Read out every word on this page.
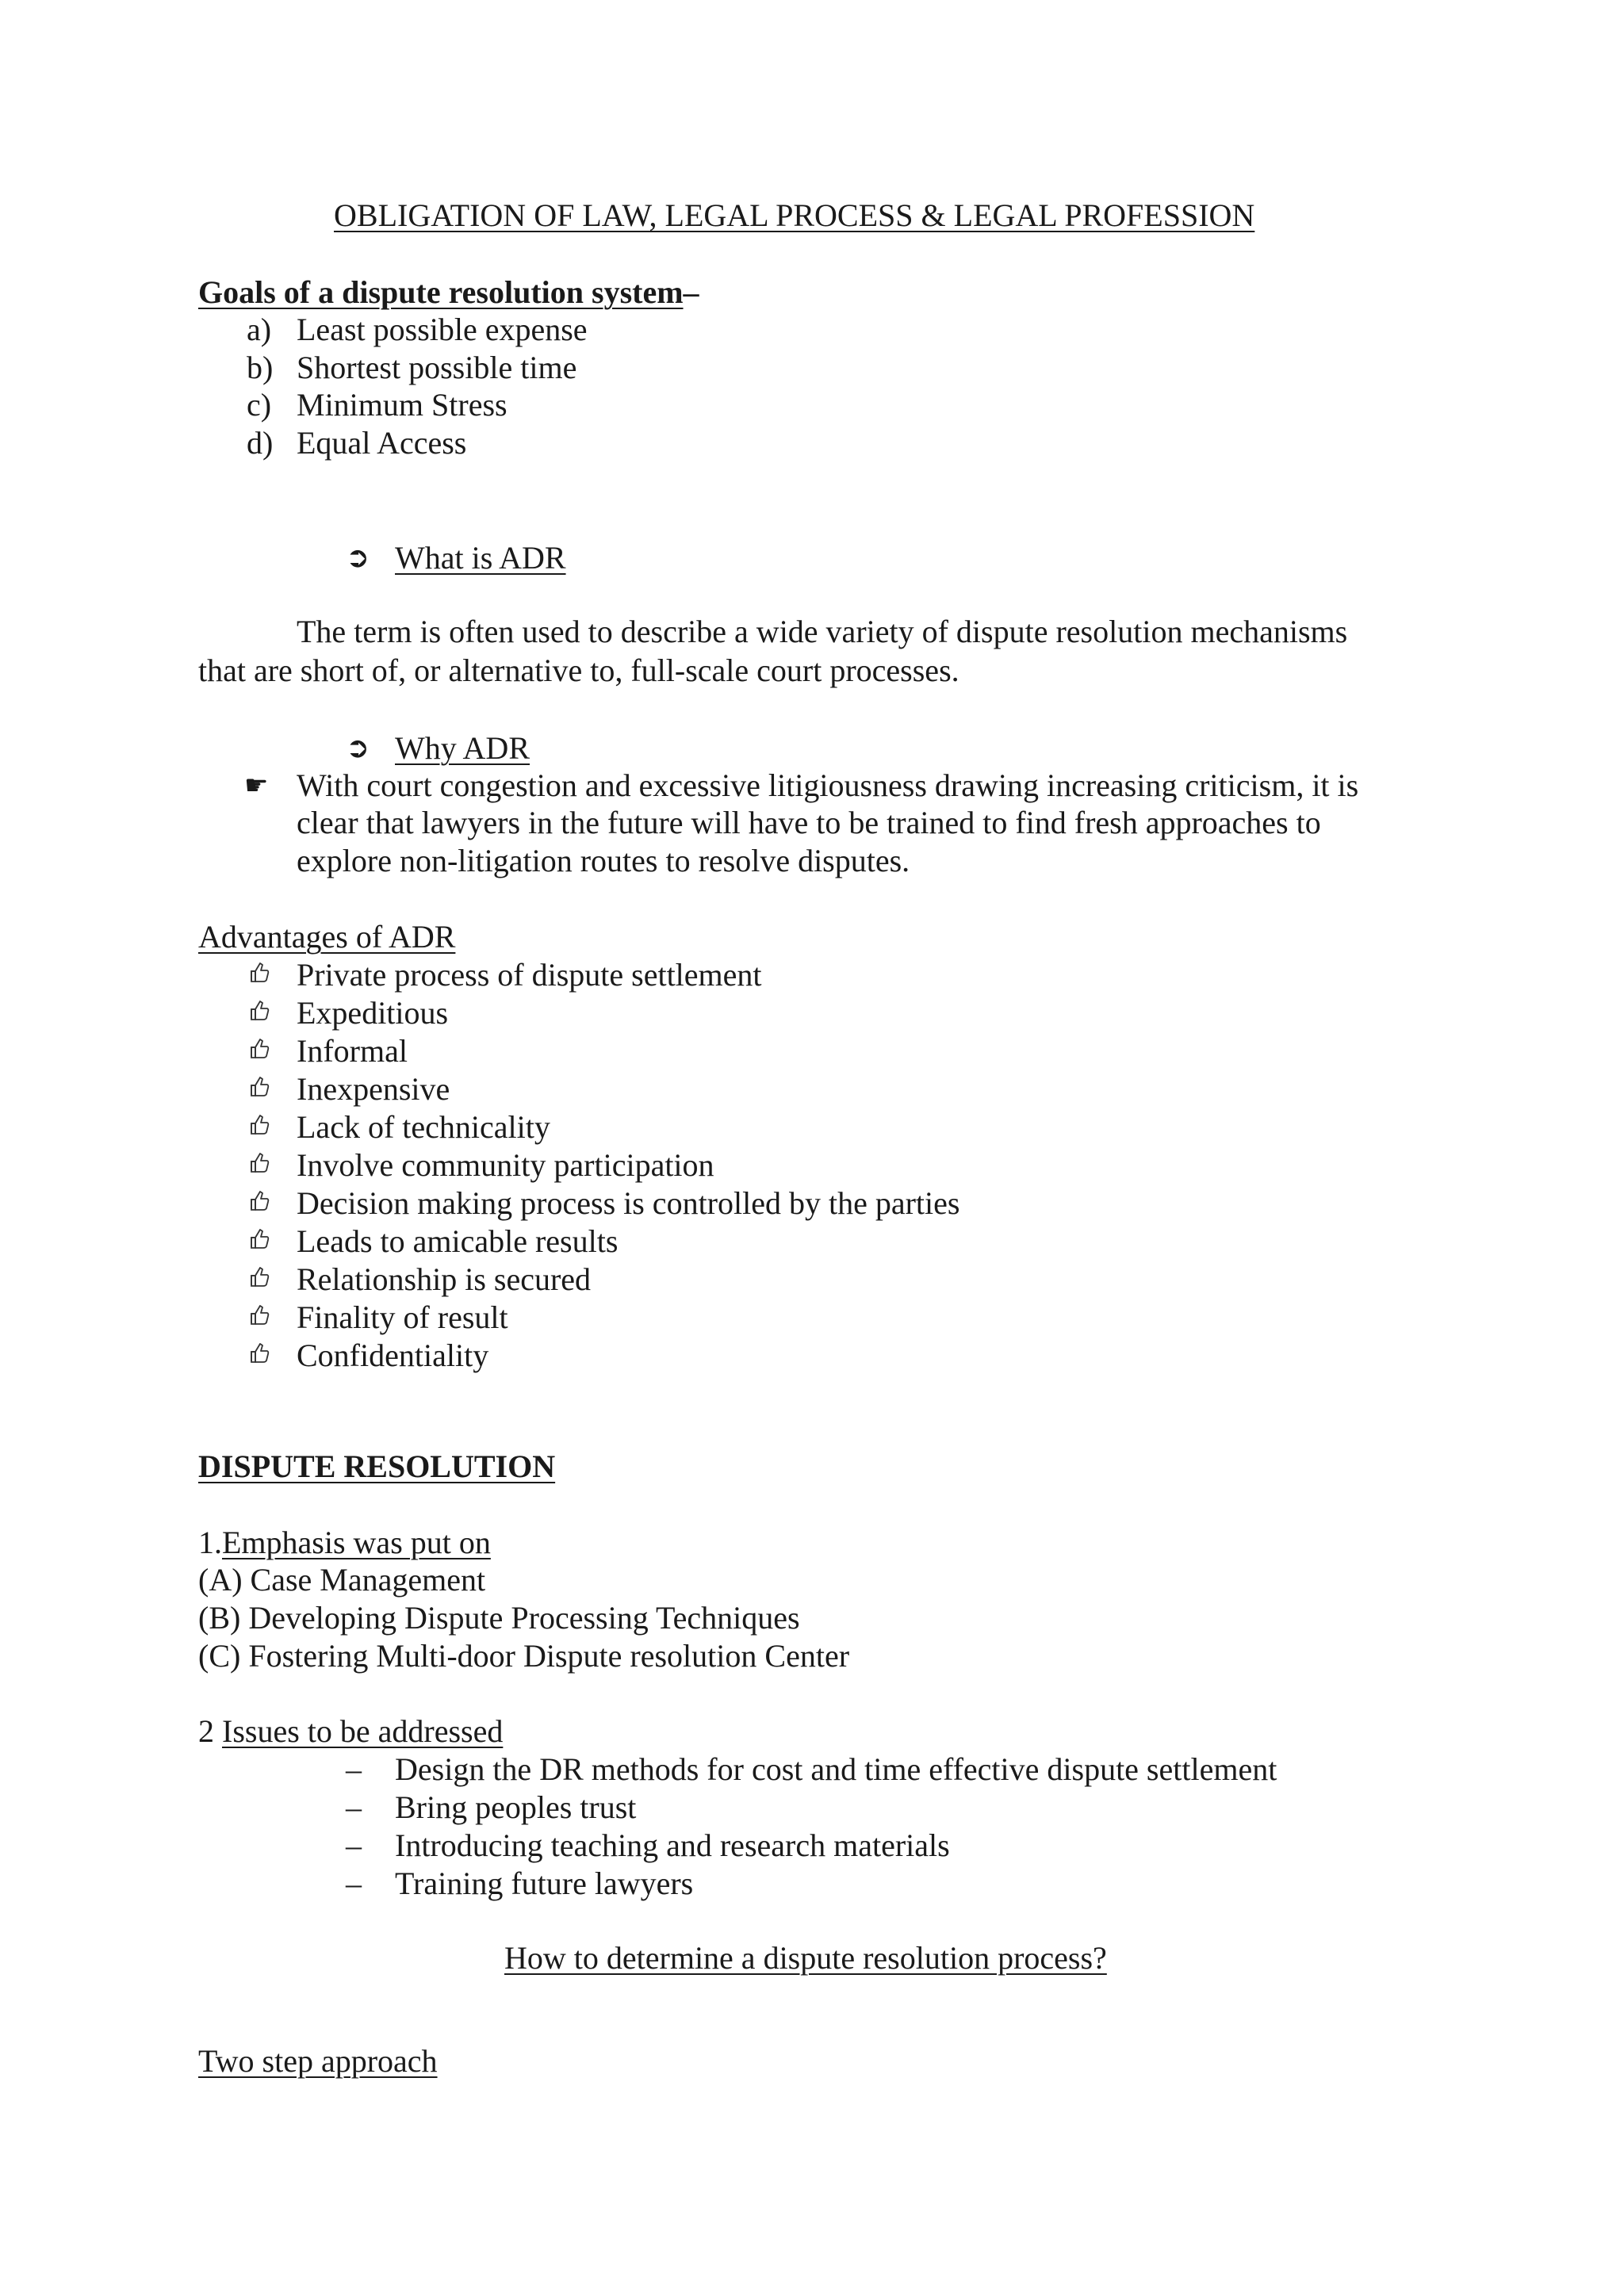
OBLIGATION OF LAW, LEGAL PROCESS & LEGAL PROFESSION
Goals of a dispute resolution system–
a) Least possible expense
b) Shortest possible time
c) Minimum Stress
d) Equal Access
➲ What is ADR
The term is often used to describe a wide variety of dispute resolution mechanisms
that are short of, or alternative to, full-scale court processes.
➲ Why ADR
☛ With court congestion and excessive litigiousness drawing increasing criticism, it is
clear that lawyers in the future will have to be trained to find fresh approaches to
explore non-litigation routes to resolve disputes.
Advantages of ADR
Private process of dispute settlement
Expeditious
Informal
Inexpensive
Lack of technicality
Involve community participation
Decision making process is controlled by the parties
Leads to amicable results
Relationship is secured
Finality of result
Confidentiality
DISPUTE RESOLUTION
1.Emphasis was put on
(A) Case Management
(B) Developing Dispute Processing Techniques
(C) Fostering Multi-door Dispute resolution Center
2 Issues to be addressed
– Design the DR methods for cost and time effective dispute settlement
– Bring peoples trust
– Introducing teaching and research materials
– Training future lawyers
How to determine a dispute resolution process?
Two step approach
